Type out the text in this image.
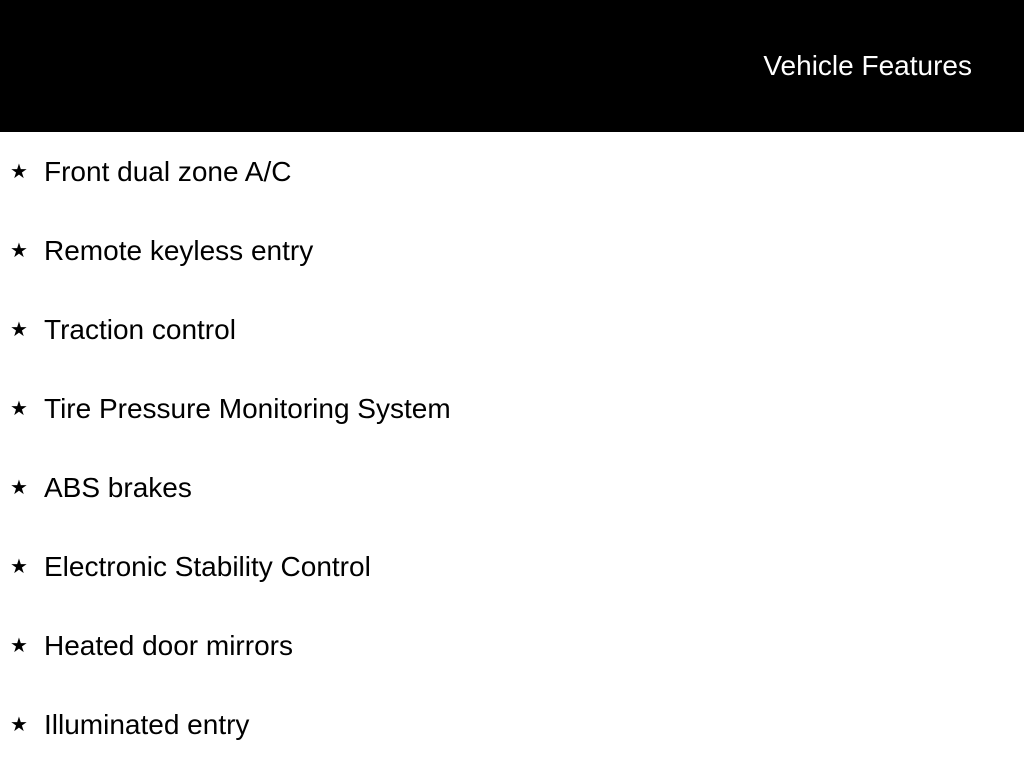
Vehicle Features
★ Front dual zone A/C
★ Remote keyless entry
★ Traction control
★ Tire Pressure Monitoring System
★ ABS brakes
★ Electronic Stability Control
★ Heated door mirrors
★ Illuminated entry
